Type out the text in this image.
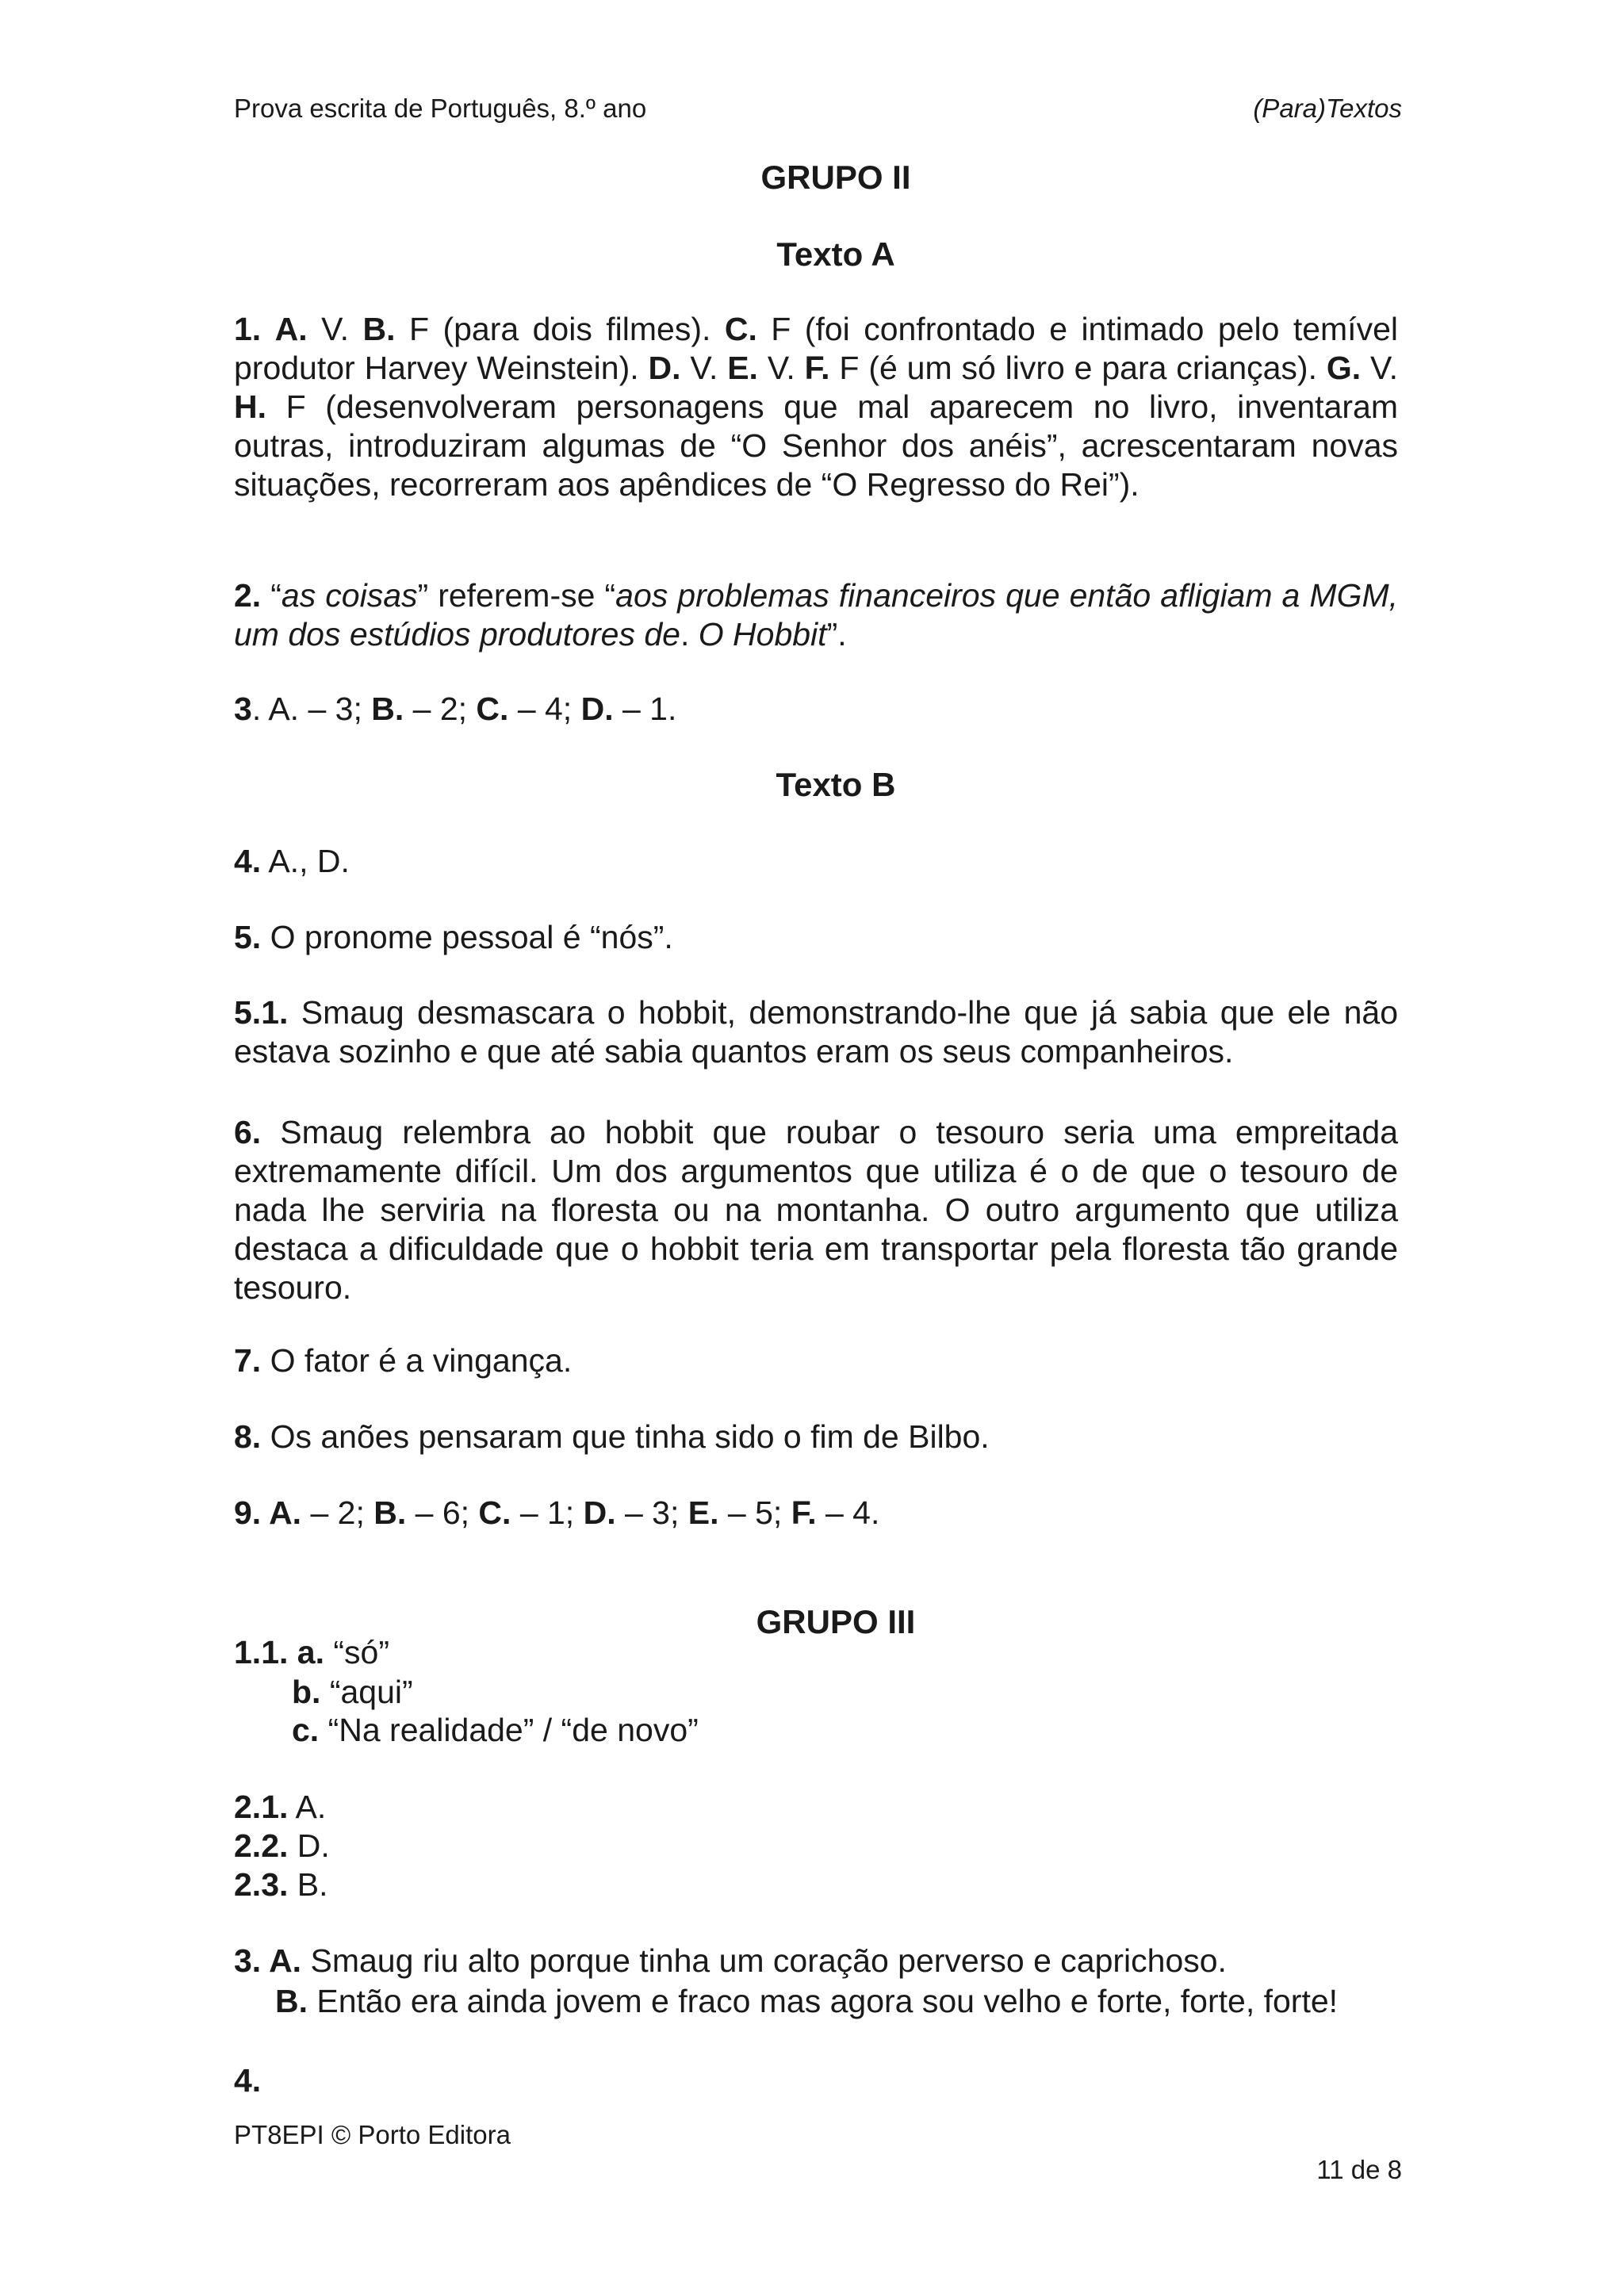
Prova escrita de Português, 8.º ano	(Para)Textos
GRUPO II
Texto A
1. A. V. B. F (para dois filmes). C. F (foi confrontado e intimado pelo temível produtor Harvey Weinstein). D. V. E. V. F. F (é um só livro e para crianças). G. V. H. F (desenvolveram personagens que mal aparecem no livro, inventaram outras, introduziram algumas de “O Senhor dos anéis”, acrescentaram novas situações, recorreram aos apêndices de “O Regresso do Rei”).
2. “as coisas” referem-se “aos problemas financeiros que então afligiam a MGM, um dos estúdios produtores de. O Hobbit”.
3. A. – 3; B. – 2; C. – 4; D. – 1.
Texto B
4. A., D.
5. O pronome pessoal é “nós”.
5.1. Smaug desmascara o hobbit, demonstrando-lhe que já sabia que ele não estava sozinho e que até sabia quantos eram os seus companheiros.
6. Smaug relembra ao hobbit que roubar o tesouro seria uma empreitada extremamente difícil. Um dos argumentos que utiliza é o de que o tesouro de nada lhe serviria na floresta ou na montanha. O outro argumento que utiliza destaca a dificuldade que o hobbit teria em transportar pela floresta tão grande tesouro.
7. O fator é a vingança.
8. Os anões pensaram que tinha sido o fim de Bilbo.
9. A. – 2; B. – 6; C. – 1; D. – 3; E. – 5; F. – 4.
GRUPO III
1.1. a. “só”
b. “aqui”
c. “Na realidade” / “de novo”
2.1. A.
2.2. D.
2.3. B.
3. A. Smaug riu alto porque tinha um coração perverso e caprichoso.
B. Então era ainda jovem e fraco mas agora sou velho e forte, forte, forte!
4.
PT8EPI © Porto Editora
11 de 8
